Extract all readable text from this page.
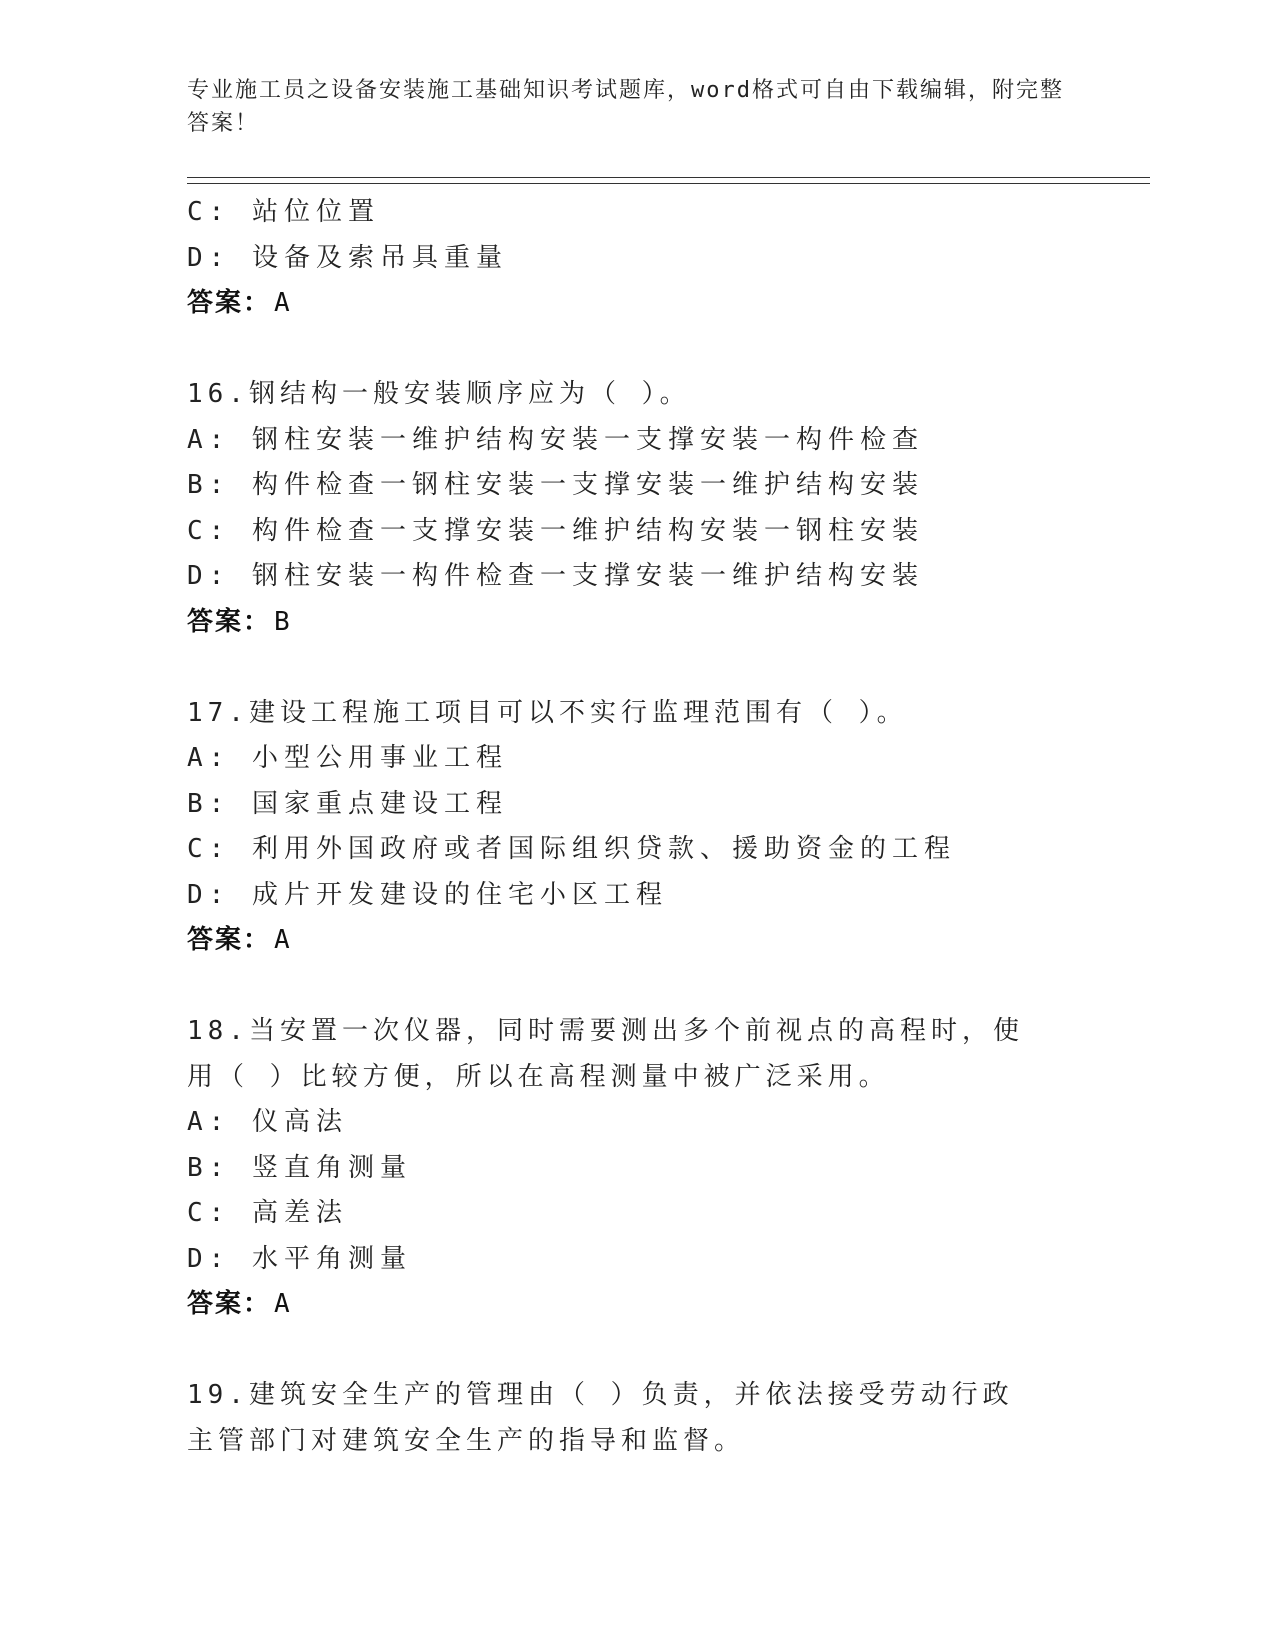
专业施工员之设备安装施工基础知识考试题库，word格式可自由下载编辑，附完整答案！
C: 站位位置
D: 设备及索吊具重量
答案： A
16.钢结构一般安装顺序应为（ ）。
A: 钢柱安装一维护结构安装一支撑安装一构件检查
B: 构件检查一钢柱安装一支撑安装一维护结构安装
C: 构件检查一支撑安装一维护结构安装一钢柱安装
D: 钢柱安装一构件检查一支撑安装一维护结构安装
答案： B
17.建设工程施工项目可以不实行监理范围有（ ）。
A: 小型公用事业工程
B: 国家重点建设工程
C: 利用外国政府或者国际组织贷款、援助资金的工程
D: 成片开发建设的住宅小区工程
答案： A
18.当安置一次仪器，同时需要测出多个前视点的高程时，使用（ ）比较方便，所以在高程测量中被广泛采用。
A: 仪高法
B: 竖直角测量
C: 高差法
D: 水平角测量
答案： A
19.建筑安全生产的管理由（ ）负责，并依法接受劳动行政主管部门对建筑安全生产的指导和监督。
